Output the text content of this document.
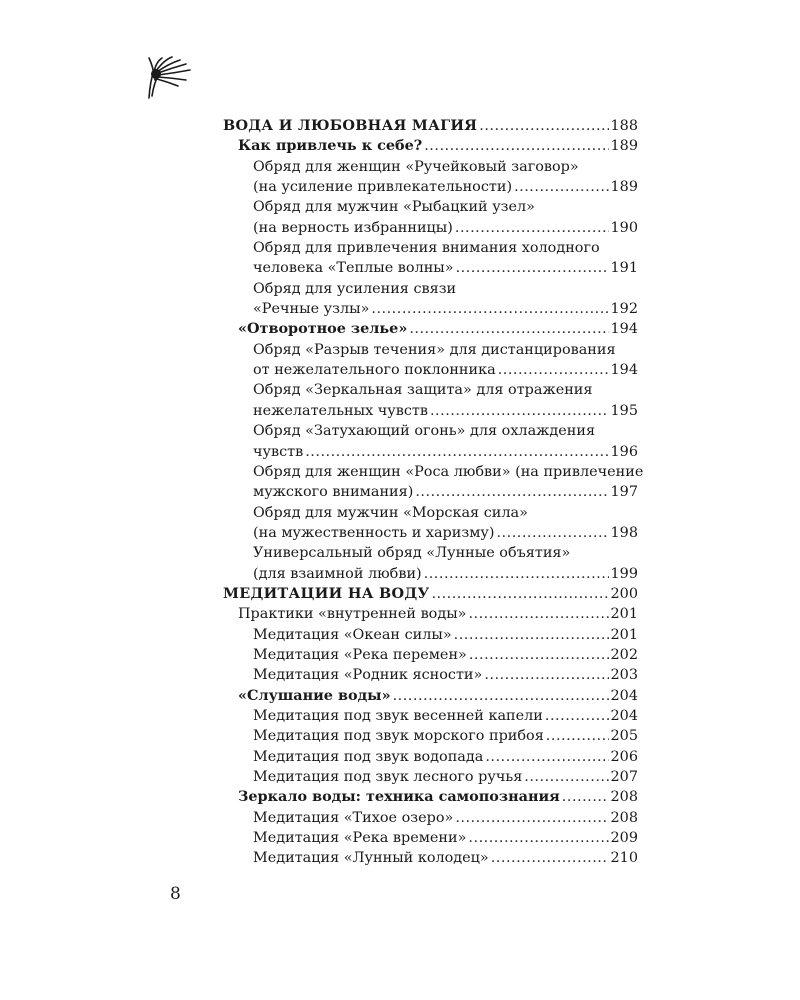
ВОДА И ЛЮБОВНАЯ МАГИЯ .....	188
Как привлечь к себе? .....	189
Обряд для женщин «Ручейковый заговор»
(на усиление привлекательности) .....	189
Обряд для мужчин «Рыбацкий узел»
(на верность избранницы) .....	190
Обряд для привлечения внимания холодного
человека «Теплые волны» .....	191
Обряд для усиления связи
«Речные узлы» .....	192
«Отворотное зелье» .....	194
Обряд «Разрыв течения» для дистанцирования
от нежелательного поклонника .....	194
Обряд «Зеркальная защита» для отражения
нежелательных чувств .....	195
Обряд «Затухающий огонь» для охлаждения
чувств .....	196
Обряд для женщин «Роса любви» (на привлечение
мужского внимания) .....	197
Обряд для мужчин «Морская сила»
(на мужественность и харизму) .....	198
Универсальный обряд «Лунные объятия»
(для взаимной любви) .....	199
МЕДИТАЦИИ НА ВОДУ .....	200
Практики «внутренней воды» .....	201
Медитация «Океан силы» .....	201
Медитация «Река перемен» .....	202
Медитация «Родник ясности» .....	203
«Слушание воды» .....	204
Медитация под звук весенней капели .....	204
Медитация под звук морского прибоя .....	205
Медитация под звук водопада .....	206
Медитация под звук лесного ручья .....	207
Зеркало воды: техника самопознания .....	208
Медитация «Тихое озеро» .....	208
Медитация «Река времени» .....	209
Медитация «Лунный колодец» .....	210
8
